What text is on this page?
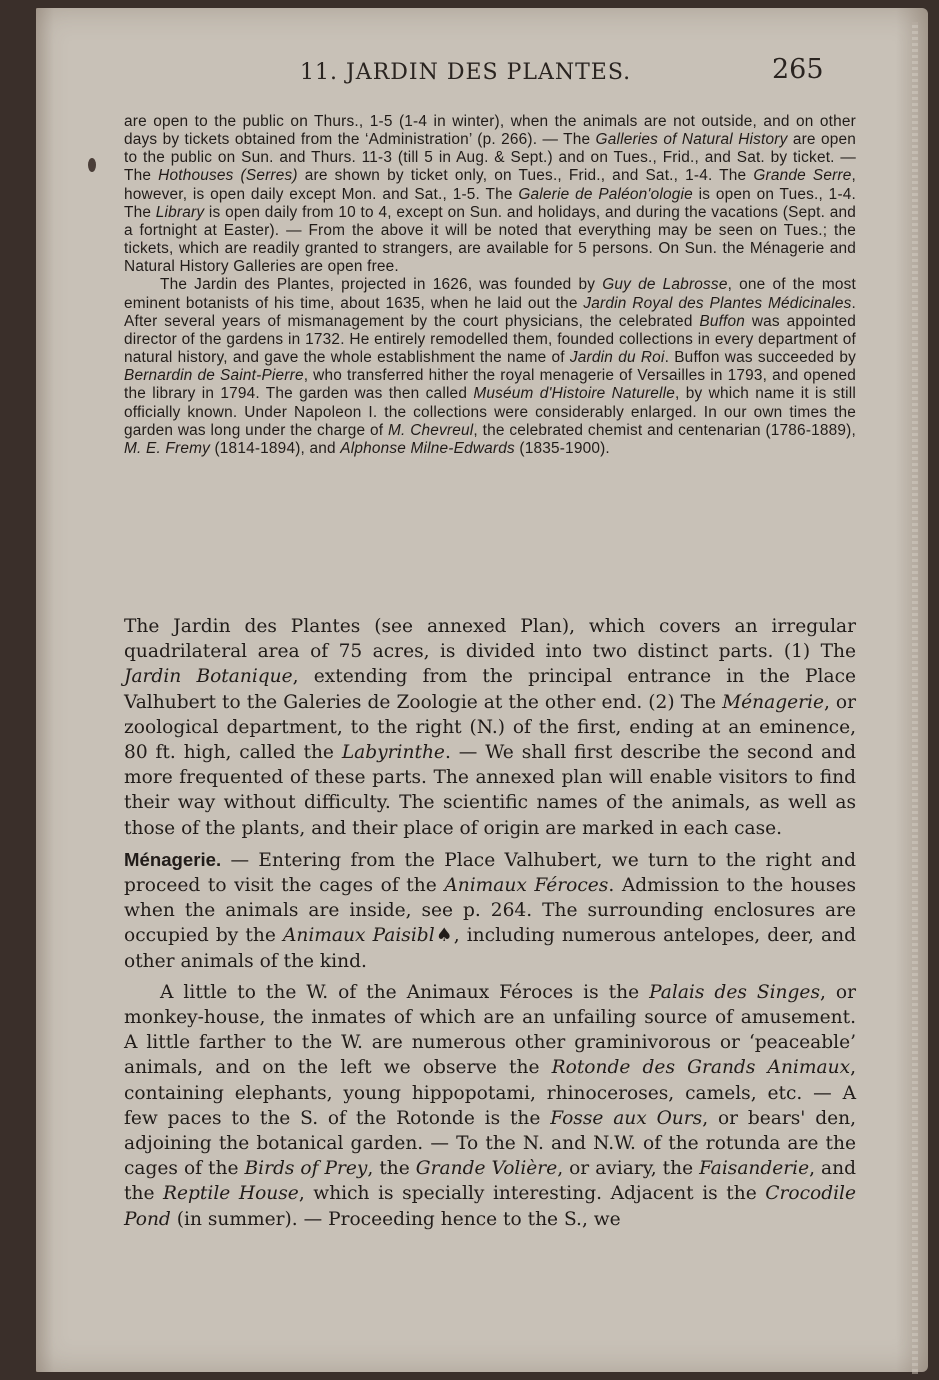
11. JARDIN DES PLANTES.	265

are open to the public on Thurs., 1-5 (1-4 in winter), when the animals are not outside, and on other days by tickets obtained from the ‘Administration’ (p. 266). — The Galleries of Natural History are open to the public on Sun. and Thurs. 11-3 (till 5 in Aug. & Sept.) and on Tues., Frid., and Sat. by ticket. — The Hothouses (Serres) are shown by ticket only, on Tues., Frid., and Sat., 1-4. The Grande Serre, however, is open daily except Mon. and Sat., 1-5. The Galerie de Paléon'ologie is open on Tues., 1-4. The Library is open daily from 10 to 4, except on Sun. and holidays, and during the vacations (Sept. and a fortnight at Easter). — From the above it will be noted that everything may be seen on Tues.; the tickets, which are readily granted to strangers, are available for 5 persons. On Sun. the Ménagerie and Natural History Galleries are open free.

The Jardin des Plantes, projected in 1626, was founded by Guy de Labrosse, one of the most eminent botanists of his time, about 1635, when he laid out the Jardin Royal des Plantes Médicinales. After several years of mismanagement by the court physicians, the celebrated Buffon was appointed director of the gardens in 1732. He entirely remodelled them, founded collections in every department of natural history, and gave the whole establishment the name of Jardin du Roi. Buffon was succeeded by Bernardin de Saint-Pierre, who transferred hither the royal menagerie of Versailles in 1793, and opened the library in 1794. The garden was then called Muséum d'Histoire Naturelle, by which name it is still officially known. Under Napoleon I. the collections were considerably enlarged. In our own times the garden was long under the charge of M. Chevreul, the celebrated chemist and centenarian (1786-1889), M. E. Fremy (1814-1894), and Alphonse Milne-Edwards (1835-1900).

The Jardin des Plantes (see annexed Plan), which covers an irregular quadrilateral area of 75 acres, is divided into two distinct parts. (1) The Jardin Botanique, extending from the principal entrance in the Place Valhubert to the Galeries de Zoologie at the other end. (2) The Ménagerie, or zoological department, to the right (N.) of the first, ending at an eminence, 80 ft. high, called the Labyrinthe. — We shall first describe the second and more frequented of these parts. The annexed plan will enable visitors to find their way without difficulty. The scientific names of the animals, as well as those of the plants, and their place of origin are marked in each case.

Ménagerie. — Entering from the Place Valhubert, we turn to the right and proceed to visit the cages of the Animaux Féroces. Admission to the houses when the animals are inside, see p. 264. The surrounding enclosures are occupied by the Animaux Paisibl♠, including numerous antelopes, deer, and other animals of the kind.

A little to the W. of the Animaux Féroces is the Palais des Singes, or monkey-house, the inmates of which are an unfailing source of amusement. A little farther to the W. are numerous other graminivorous or ‘peaceable’ animals, and on the left we observe the Rotonde des Grands Animaux, containing elephants, young hippopotami, rhinoceroses, camels, etc. — A few paces to the S. of the Rotonde is the Fosse aux Ours, or bears' den, adjoining the botanical garden. — To the N. and N.W. of the rotunda are the cages of the Birds of Prey, the Grande Volière, or aviary, the Faisanderie, and the Reptile House, which is specially interesting. Adjacent is the Crocodile Pond (in summer). — Proceeding hence to the S., we
